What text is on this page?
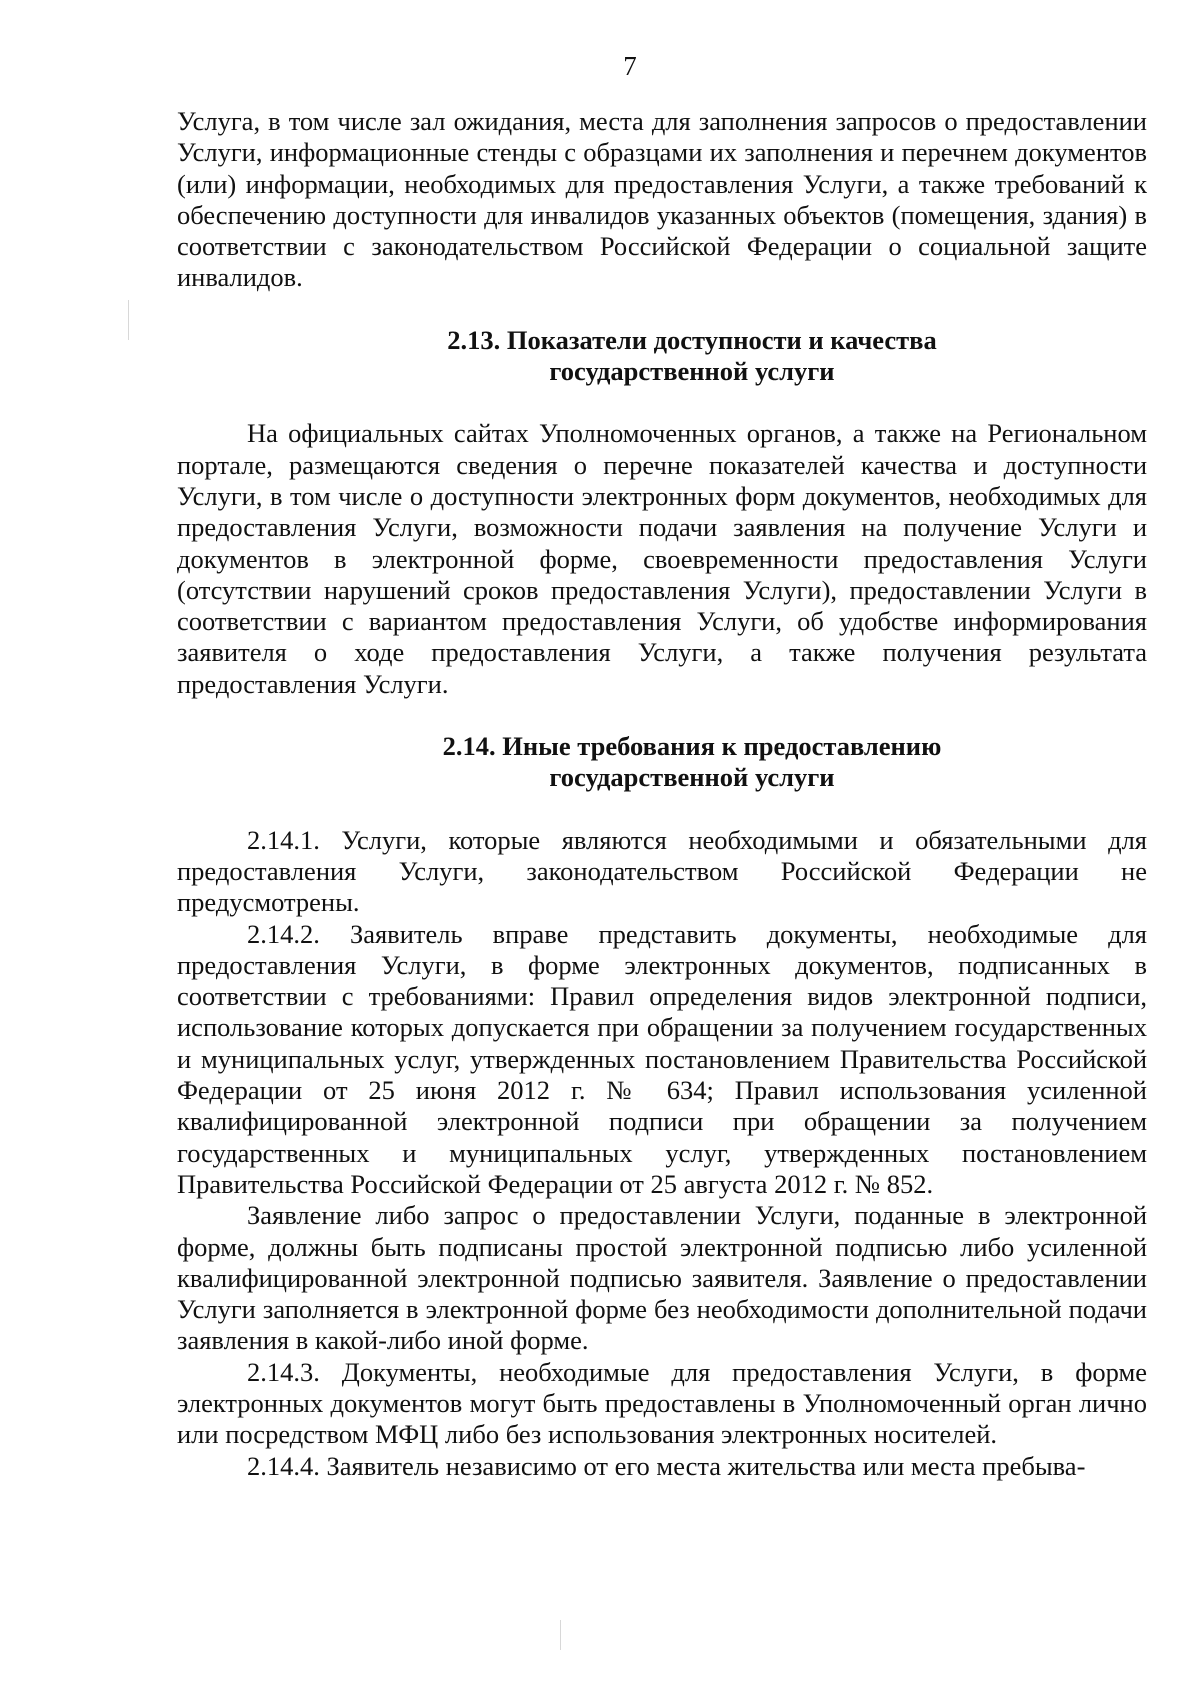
7

Услуга, в том числе зал ожидания, места для заполнения запросов о предоставлении Услуги, информационные стенды с образцами их заполнения и перечнем документов (или) информации, необходимых для предоставления Услуги, а также требований к обеспечению доступности для инвалидов указанных объектов (помещения, здания) в соответствии с законодательством Российской Федерации о социальной защите инвалидов.

2.13. Показатели доступности и качества
государственной услуги

На официальных сайтах Уполномоченных органов, а также на Региональном портале, размещаются сведения о перечне показателей качества и доступности Услуги, в том числе о доступности электронных форм документов, необходимых для предоставления Услуги, возможности подачи заявления на получение Услуги и документов в электронной форме, своевременности предоставления Услуги (отсутствии нарушений сроков предоставления Услуги), предоставлении Услуги в соответствии с вариантом предоставления Услуги, об удобстве информирования заявителя о ходе предоставления Услуги, а также получения результата предоставления Услуги.

2.14. Иные требования к предоставлению
государственной услуги

2.14.1. Услуги, которые являются необходимыми и обязательными для предоставления Услуги, законодательством Российской Федерации не предусмотрены.

2.14.2. Заявитель вправе представить документы, необходимые для предоставления Услуги, в форме электронных документов, подписанных в соответствии с требованиями: Правил определения видов электронной подписи, использование которых допускается при обращении за получением государственных и муниципальных услуг, утвержденных постановлением Правительства Российской Федерации от 25 июня 2012 г. № 634; Правил использования усиленной квалифицированной электронной подписи при обращении за получением государственных и муниципальных услуг, утвержденных постановлением Правительства Российской Федерации от 25 августа 2012 г. № 852.

Заявление либо запрос о предоставлении Услуги, поданные в электронной форме, должны быть подписаны простой электронной подписью либо усиленной квалифицированной электронной подписью заявителя. Заявление о предоставлении Услуги заполняется в электронной форме без необходимости дополнительной подачи заявления в какой-либо иной форме.

2.14.3. Документы, необходимые для предоставления Услуги, в форме электронных документов могут быть предоставлены в Уполномоченный орган лично или посредством МФЦ либо без использования электронных носителей.

2.14.4. Заявитель независимо от его места жительства или места пребыва-
